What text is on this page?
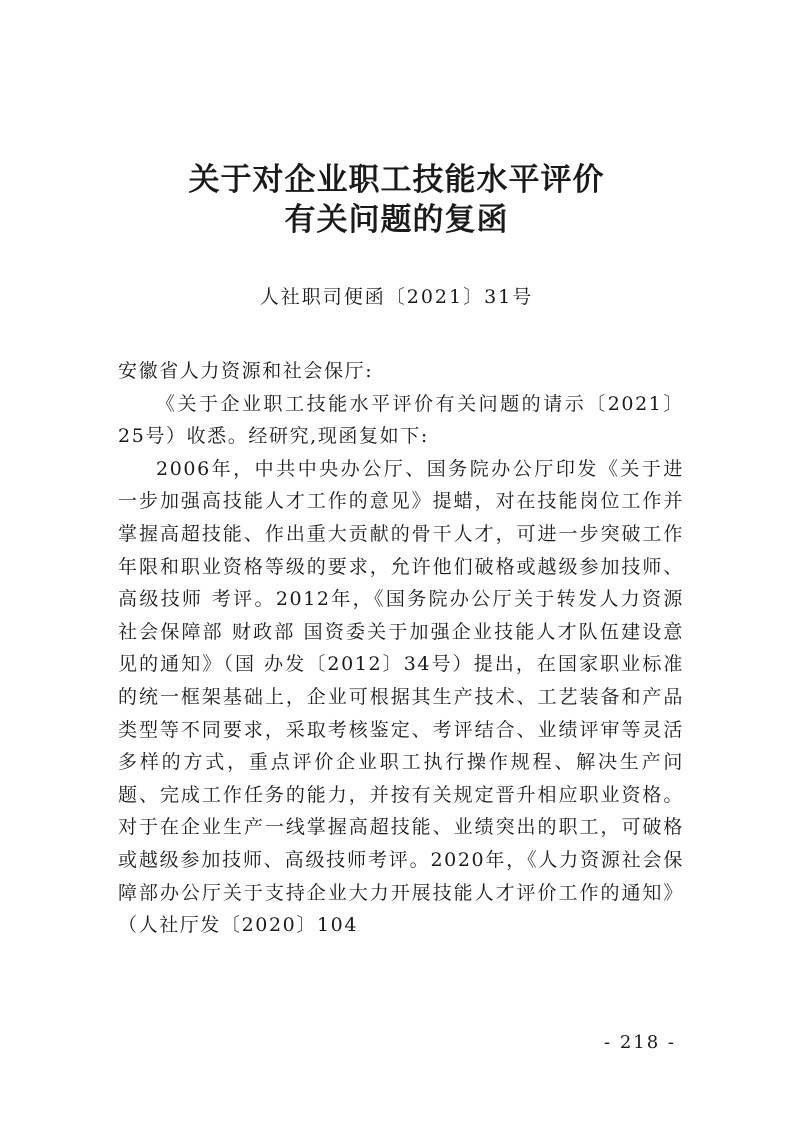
关于对企业职工技能水平评价
有关问题的复函
人社职司便函〔2021〕31号

安徽省人力资源和社会保厅:

《关于企业职工技能水平评价有关问题的请示〔2021〕25号）收悉。经研究,现函复如下:

2006年，中共中央办公厅、国务院办公厅印发《关于进一步加强高技能人才工作的意见》提蜡，对在技能岗位工作并掌握高超技能、作出重大贡献的骨干人才，可进一步突破工作年限和职业资格等级的要求，允许他们破格或越级参加技师、高级技师 考评。2012年，《国务院办公厅关于转发人力资源社会保障部 财政部 国资委关于加强企业技能人才队伍建设意见的通知》（国 办发〔2012〕34号）提出，在国家职业标准的统一框架基础上，企业可根据其生产技术、工艺装备和产品类型等不同要求，采取考核鉴定、考评结合、业绩评审等灵活多样的方式，重点评价企业职工执行操作规程、解决生产问题、完成工作任务的能力，并按有关规定晋升相应职业资格。对于在企业生产一线掌握高超技能、业绩突出的职工，可破格或越级参加技师、高级技师考评。2020年，《人力资源社会保障部办公厅关于支持企业大力开展技能人才评价工作的通知》（人社厅发〔2020〕104

- 218 -
